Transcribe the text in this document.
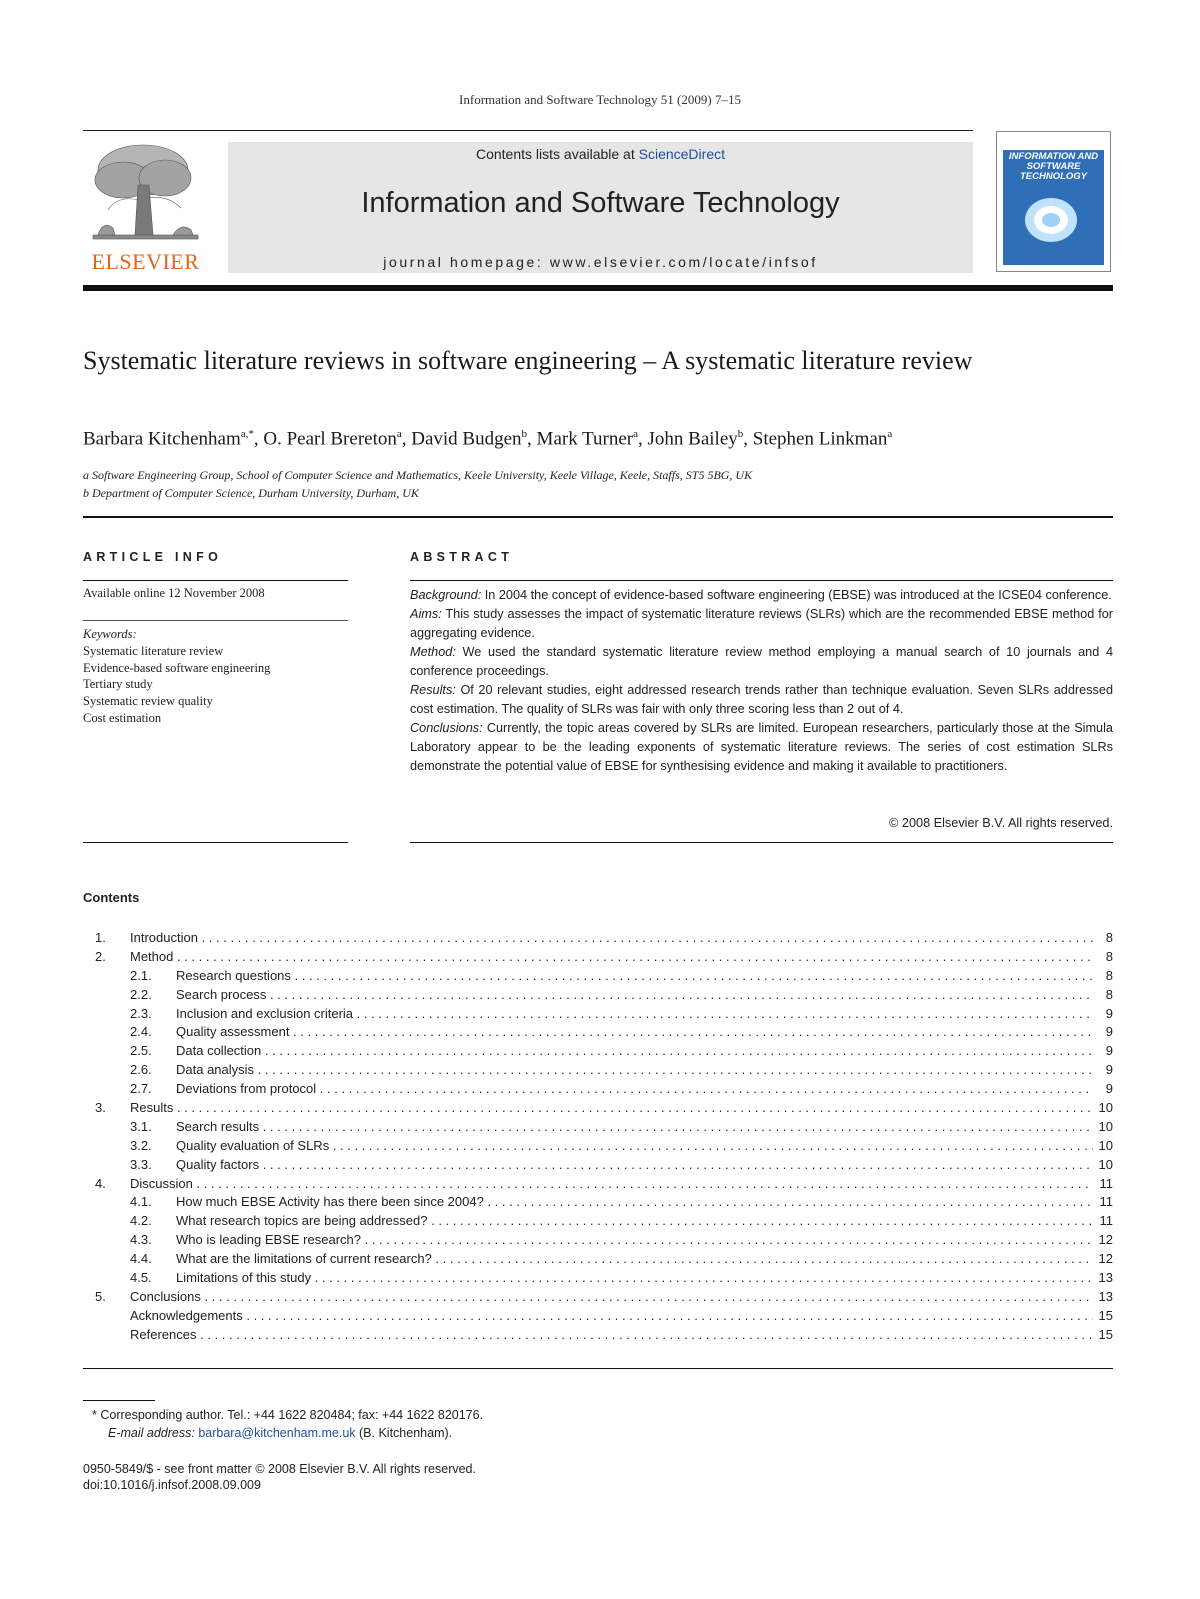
Information and Software Technology 51 (2009) 7–15
ELSEVIER
Contents lists available at ScienceDirect
Information and Software Technology
journal homepage: www.elsevier.com/locate/infsof
INFORMATION AND SOFTWARE TECHNOLOGY
Systematic literature reviews in software engineering – A systematic literature review
Barbara Kitchenham$^{a,*}$, O. Pearl Brereton$^a$, David Budgen$^b$, Mark Turner$^a$, John Bailey$^b$, Stephen Linkman$^a$
a Software Engineering Group, School of Computer Science and Mathematics, Keele University, Keele Village, Keele, Staffs, ST5 5BG, UK
b Department of Computer Science, Durham University, Durham, UK
ARTICLE INFO	ABSTRACT
Available online 12 November 2008
Keywords:
Systematic literature review
Evidence-based software engineering
Tertiary study
Systematic review quality
Cost estimation

Background: In 2004 the concept of evidence-based software engineering (EBSE) was introduced at the ICSE04 conference.

Aims: This study assesses the impact of systematic literature reviews (SLRs) which are the recommended EBSE method for aggregating evidence.

Method: We used the standard systematic literature review method employing a manual search of 10 journals and 4 conference proceedings.

Results: Of 20 relevant studies, eight addressed research trends rather than technique evaluation. Seven SLRs addressed cost estimation. The quality of SLRs was fair with only three scoring less than 2 out of 4.

Conclusions: Currently, the topic areas covered by SLRs are limited. European researchers, particularly those at the Simula Laboratory appear to be the leading exponents of systematic literature reviews. The series of cost estimation SLRs demonstrate the potential value of EBSE for synthesising evidence and making it available to practitioners.

© 2008 Elsevier B.V. All rights reserved.
Contents
1. Introduction . . .	8
2. Method . . .	8
2.1. Research questions . . .	8
2.2. Search process . . .	8
2.3. Inclusion and exclusion criteria . . .	9
2.4. Quality assessment . . .	9
2.5. Data collection . . .	9
2.6. Data analysis . . .	9
2.7. Deviations from protocol . . .	9
3. Results . . .	10
3.1. Search results . . .	10
3.2. Quality evaluation of SLRs . . .	10
3.3. Quality factors . . .	10
4. Discussion . . .	11
4.1. How much EBSE Activity has there been since 2004? . . .	11
4.2. What research topics are being addressed? . . .	11
4.3. Who is leading EBSE research? . . .	12
4.4. What are the limitations of current research? . . .	12
4.5. Limitations of this study . . .	13
5. Conclusions . . .	13
Acknowledgements . . .	15
References . . .	15
* Corresponding author. Tel.: +44 1622 820484; fax: +44 1622 820176.
E-mail address: barbara@kitchenham.me.uk (B. Kitchenham).
0950-5849/$ - see front matter © 2008 Elsevier B.V. All rights reserved.
doi:10.1016/j.infsof.2008.09.009
